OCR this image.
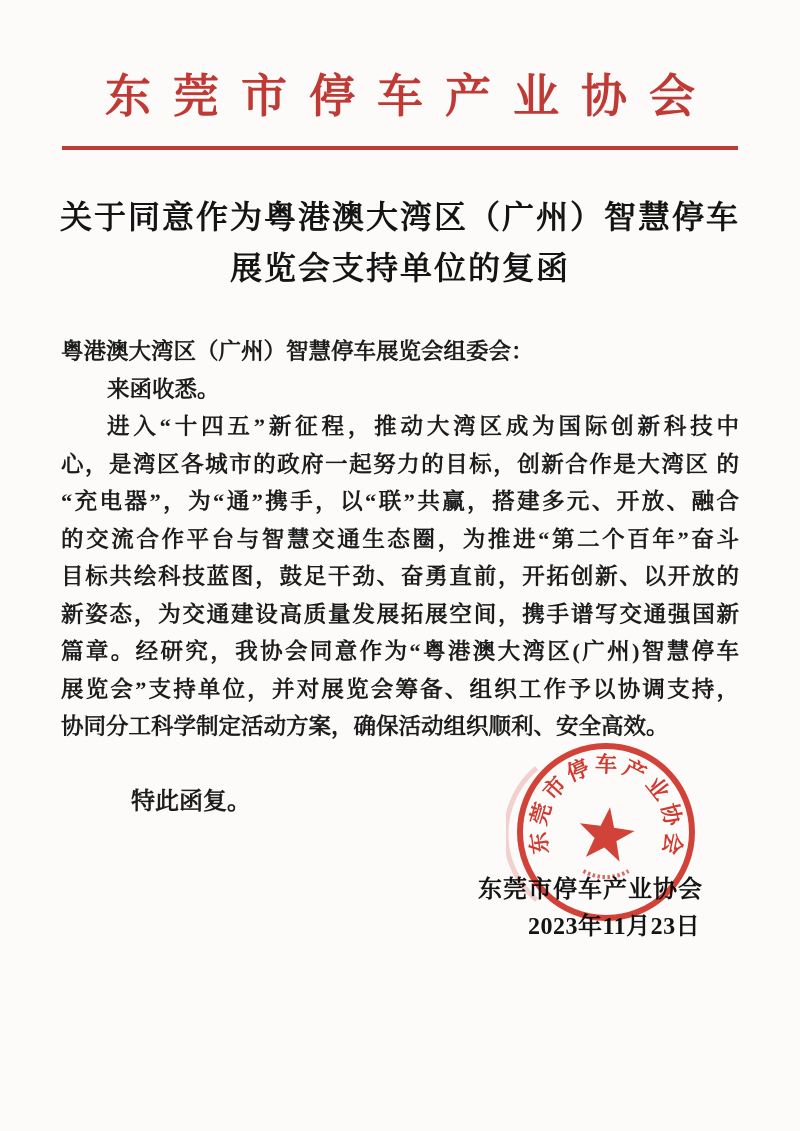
东莞市停车产业协会
关于同意作为粤港澳大湾区（广州）智慧停车
展览会支持单位的复函
粤港澳大湾区（广州）智慧停车展览会组委会：
来函收悉。
进入“十四五”新征程，推动大湾区成为国际创新科技中
心，是湾区各城市的政府一起努力的目标，创新合作是大湾区 的
“充电器”，为“通”携手，以“联”共赢，搭建多元、开放、融合
的交流合作平台与智慧交通生态圈，为推进“第二个百年”奋斗
目标共绘科技蓝图，鼓足干劲、奋勇直前，开拓创新、以开放的
新姿态，为交通建设高质量发展拓展空间，携手谱写交通强国新
篇章。经研究，我协会同意作为“粤港澳大湾区(广州)智慧停车
展览会”支持单位，并对展览会筹备、组织工作予以协调支持，
协同分工科学制定活动方案，确保活动组织顺利、安全高效。
特此函复。
东莞市停车产业协会
2023年11月23日
东莞市停车产业协会
